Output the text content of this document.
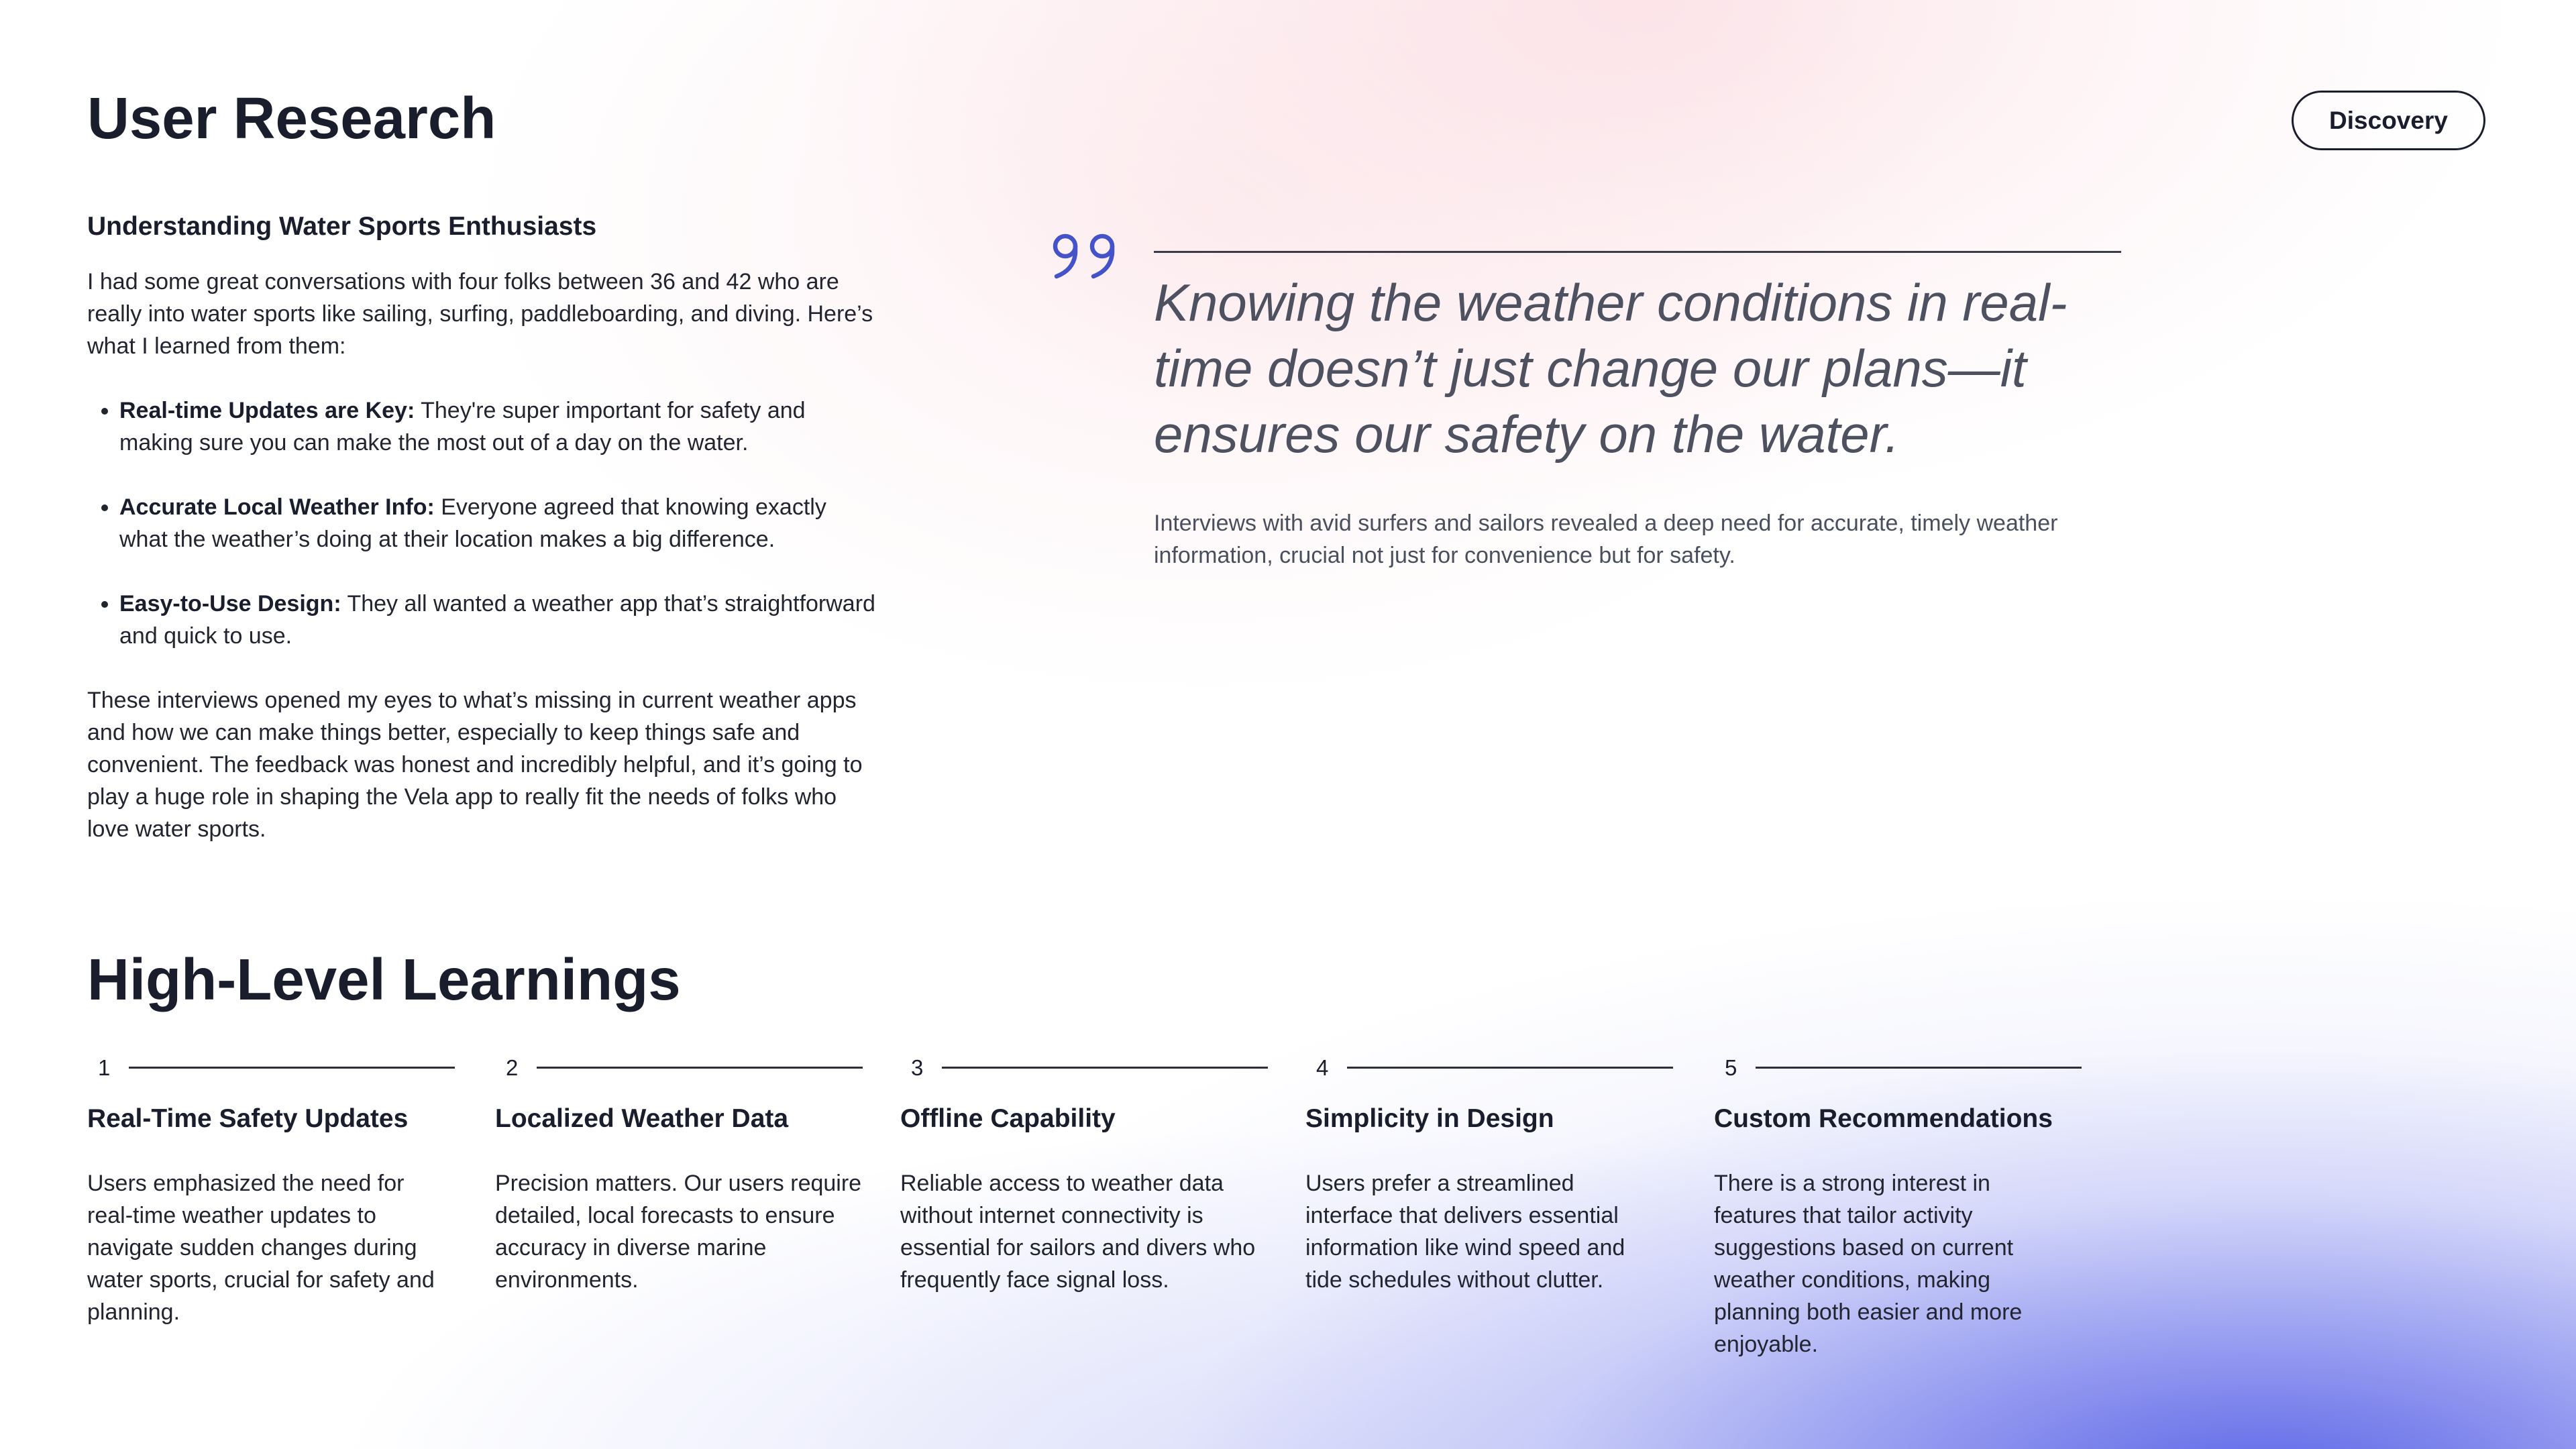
User Research	Discovery
Understanding Water Sports Enthusiasts

I had some great conversations with four folks between 36 and 42 who are really into water sports like sailing, surfing, paddleboarding, and diving. Here’s what I learned from them:

• Real-time Updates are Key: They're super important for safety and making sure you can make the most out of a day on the water.
• Accurate Local Weather Info: Everyone agreed that knowing exactly what the weather’s doing at their location makes a big difference.
• Easy-to-Use Design: They all wanted a weather app that’s straightforward and quick to use.

These interviews opened my eyes to what’s missing in current weather apps and how we can make things better, especially to keep things safe and convenient. The feedback was honest and incredibly helpful, and it’s going to play a huge role in shaping the Vela app to really fit the needs of folks who love water sports.

Knowing the weather conditions in real-time doesn’t just change our plans—it ensures our safety on the water.

Interviews with avid surfers and sailors revealed a deep need for accurate, timely weather information, crucial not just for convenience but for safety.

High-Level Learnings
1
Real-Time Safety Updates

Users emphasized the need for real-time weather updates to navigate sudden changes during water sports, crucial for safety and planning.

2
Localized Weather Data

Precision matters. Our users require detailed, local forecasts to ensure accuracy in diverse marine environments.

3
Offline Capability

Reliable access to weather data without internet connectivity is essential for sailors and divers who frequently face signal loss.

4
Simplicity in Design

Users prefer a streamlined interface that delivers essential information like wind speed and tide schedules without clutter.

5
Custom Recommendations

There is a strong interest in features that tailor activity suggestions based on current weather conditions, making planning both easier and more enjoyable.
